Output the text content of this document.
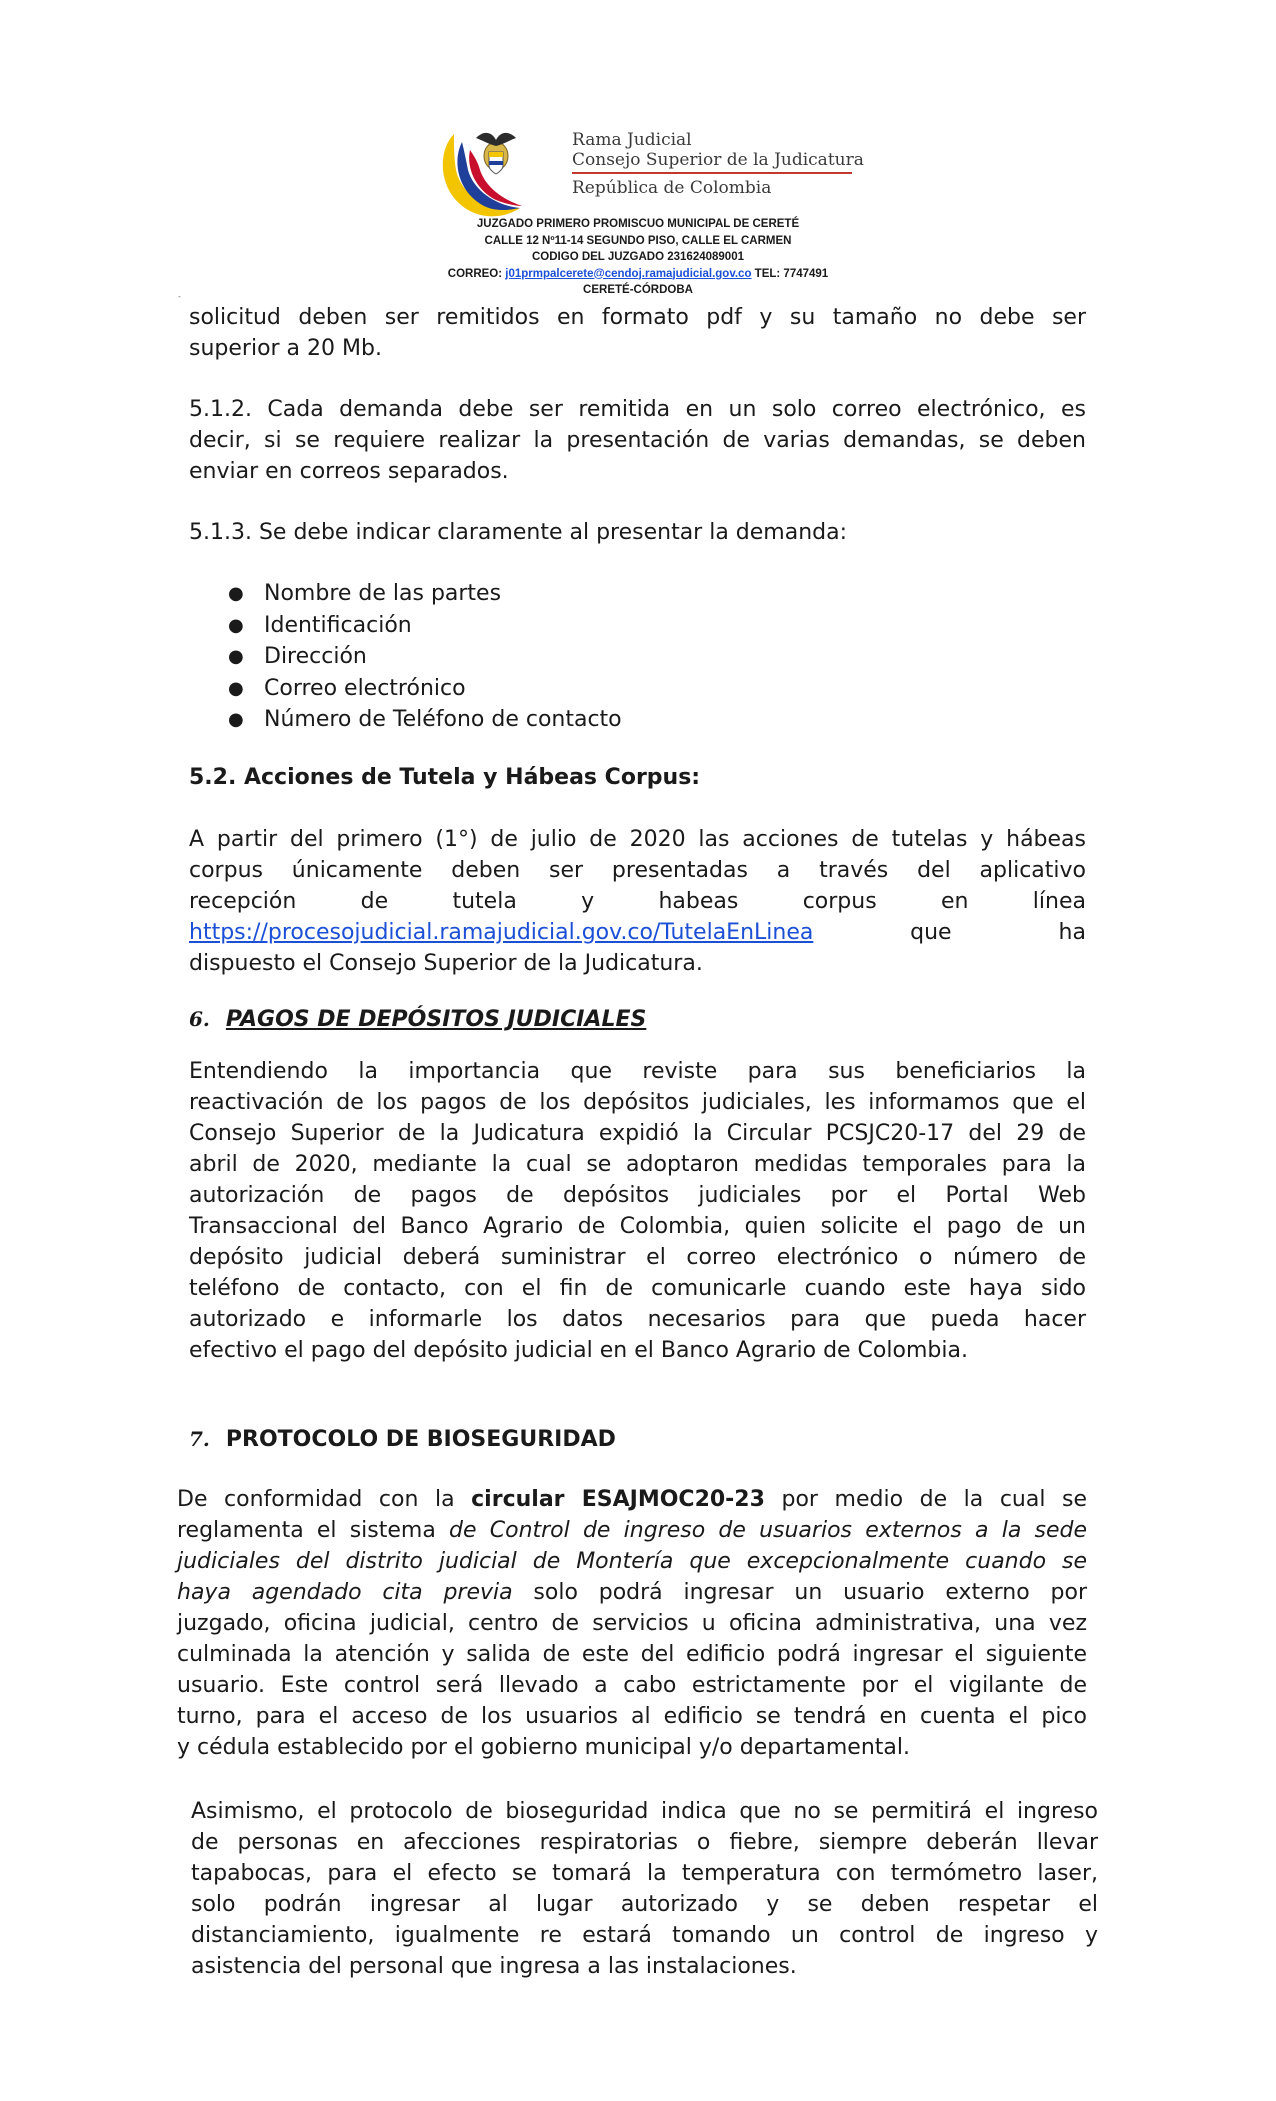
Rama Judicial
Consejo Superior de la Judicatura
República de Colombia
JUZGADO PRIMERO PROMISCUO MUNICIPAL DE CERETÉ
CALLE 12 Nº11-14 SEGUNDO PISO, CALLE EL CARMEN
CODIGO DEL JUZGADO 231624089001
CORREO: j01prmpalcerete@cendoj.ramajudicial.gov.co TEL: 7747491
CERETÉ-CÓRDOBA
-
solicitud deben ser remitidos en formato pdf y su tamaño no debe ser
superior a 20 Mb.
5.1.2. Cada demanda debe ser remitida en un solo correo electrónico, es
decir, si se requiere realizar la presentación de varias demandas, se deben
enviar en correos separados.
5.1.3. Se debe indicar claramente al presentar la demanda:
● Nombre de las partes
● Identificación
● Dirección
● Correo electrónico
● Número de Teléfono de contacto
5.2. Acciones de Tutela y Hábeas Corpus:
A partir del primero (1°) de julio de 2020 las acciones de tutelas y hábeas
corpus únicamente deben ser presentadas a través del aplicativo
recepción de tutela y habeas corpus en línea
https://procesojudicial.ramajudicial.gov.co/TutelaEnLinea	que ha
dispuesto el Consejo Superior de la Judicatura.
6. PAGOS DE DEPÓSITOS JUDICIALES
Entendiendo la importancia que reviste para sus beneficiarios la
reactivación de los pagos de los depósitos judiciales, les informamos que el
Consejo Superior de la Judicatura expidió la Circular PCSJC20-17 del 29 de
abril de 2020, mediante la cual se adoptaron medidas temporales para la
autorización de pagos de depósitos judiciales por el Portal Web
Transaccional del Banco Agrario de Colombia, quien solicite el pago de un
depósito judicial deberá suministrar el correo electrónico o número de
teléfono de contacto, con el fin de comunicarle cuando este haya sido
autorizado e informarle los datos necesarios para que pueda hacer
efectivo el pago del depósito judicial en el Banco Agrario de Colombia.
7. PROTOCOLO DE BIOSEGURIDAD
De conformidad con la circular ESAJMOC20-23 por medio de la cual se
reglamenta el sistema de Control de ingreso de usuarios externos a la sede
judiciales del distrito judicial de Montería que excepcionalmente cuando se
haya agendado cita previa solo podrá ingresar un usuario externo por
juzgado, oficina judicial, centro de servicios u oficina administrativa, una vez
culminada la atención y salida de este del edificio podrá ingresar el siguiente
usuario. Este control será llevado a cabo estrictamente por el vigilante de
turno, para el acceso de los usuarios al edificio se tendrá en cuenta el pico
y cédula establecido por el gobierno municipal y/o departamental.
Asimismo, el protocolo de bioseguridad indica que no se permitirá el ingreso
de personas en afecciones respiratorias o fiebre, siempre deberán llevar
tapabocas, para el efecto se tomará la temperatura con termómetro laser,
solo podrán ingresar al lugar autorizado y se deben respetar el
distanciamiento, igualmente re estará tomando un control de ingreso y
asistencia del personal que ingresa a las instalaciones.
